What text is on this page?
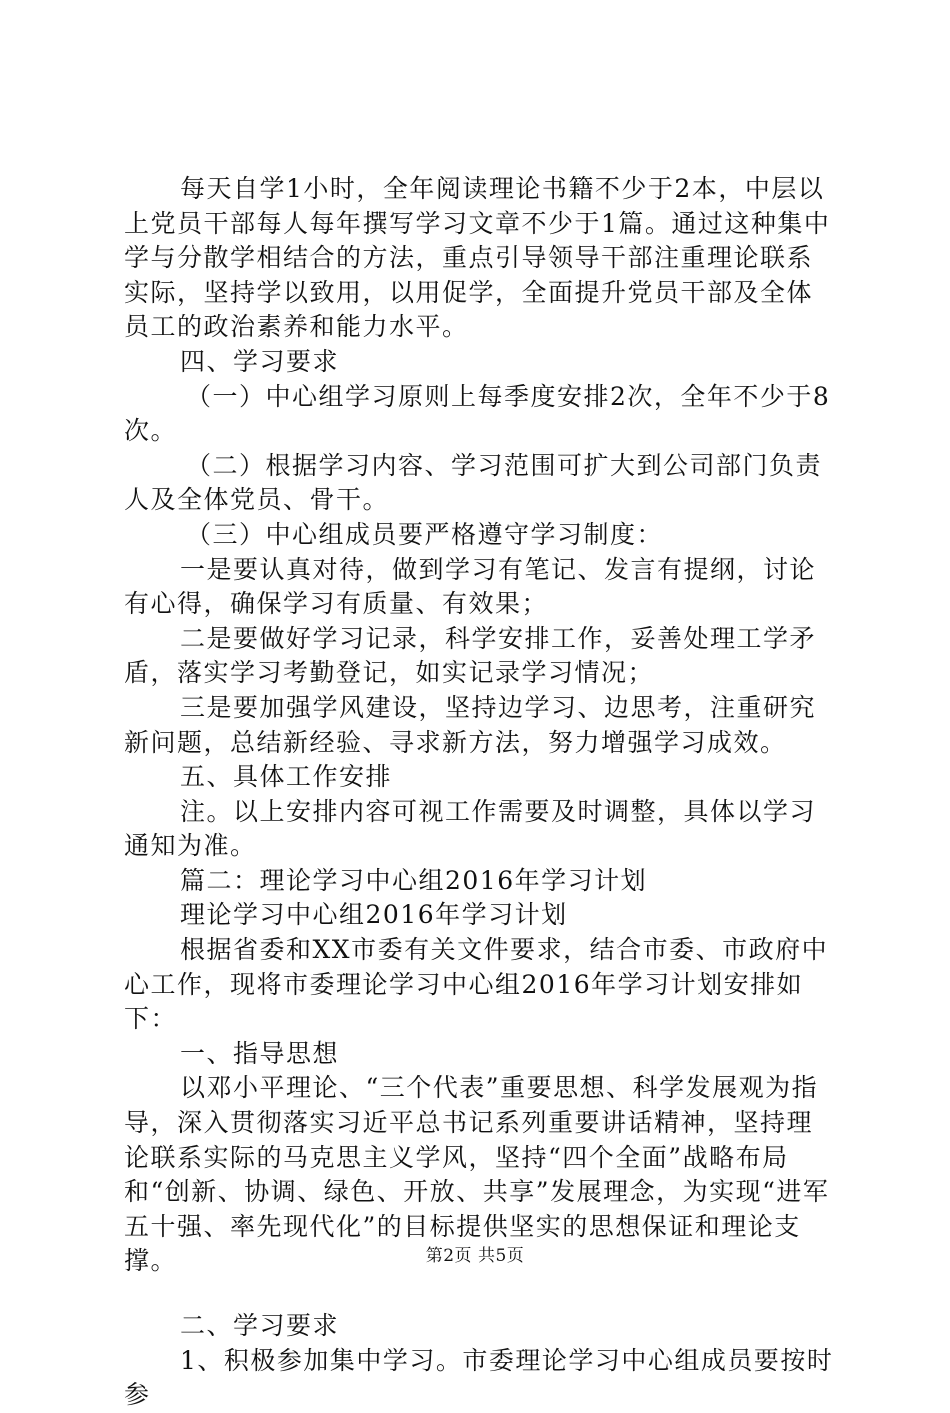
每天自学1小时，全年阅读理论书籍不少于2本，中层以上党员干部每人每年撰写学习文章不少于1篇。通过这种集中学与分散学相结合的方法，重点引导领导干部注重理论联系实际，坚持学以致用，以用促学，全面提升党员干部及全体员工的政治素养和能力水平。

四、学习要求

（一）中心组学习原则上每季度安排2次，全年不少于8次。

（二）根据学习内容、学习范围可扩大到公司部门负责人及全体党员、骨干。

（三）中心组成员要严格遵守学习制度：

一是要认真对待，做到学习有笔记、发言有提纲，讨论有心得，确保学习有质量、有效果；

二是要做好学习记录，科学安排工作，妥善处理工学矛盾，落实学习考勤登记，如实记录学习情况；

三是要加强学风建设，坚持边学习、边思考，注重研究新问题，总结新经验、寻求新方法，努力增强学习成效。

五、具体工作安排

注。以上安排内容可视工作需要及时调整，具体以学习通知为准。

篇二：理论学习中心组2016年学习计划

理论学习中心组2016年学习计划

根据省委和XX市委有关文件要求，结合市委、市政府中心工作，现将市委理论学习中心组2016年学习计划安排如下：

一、指导思想

以邓小平理论、“三个代表”重要思想、科学发展观为指导，深入贯彻落实习近平总书记系列重要讲话精神，坚持理论联系实际的马克思主义学风，坚持“四个全面”战略布局和“创新、协调、绿色、开放、共享”发展理念，为实现“进军五十强、率先现代化”的目标提供坚实的思想保证和理论支撑。

二、学习要求

1、积极参加集中学习。市委理论学习中心组成员要按时参

第2页 共5页
